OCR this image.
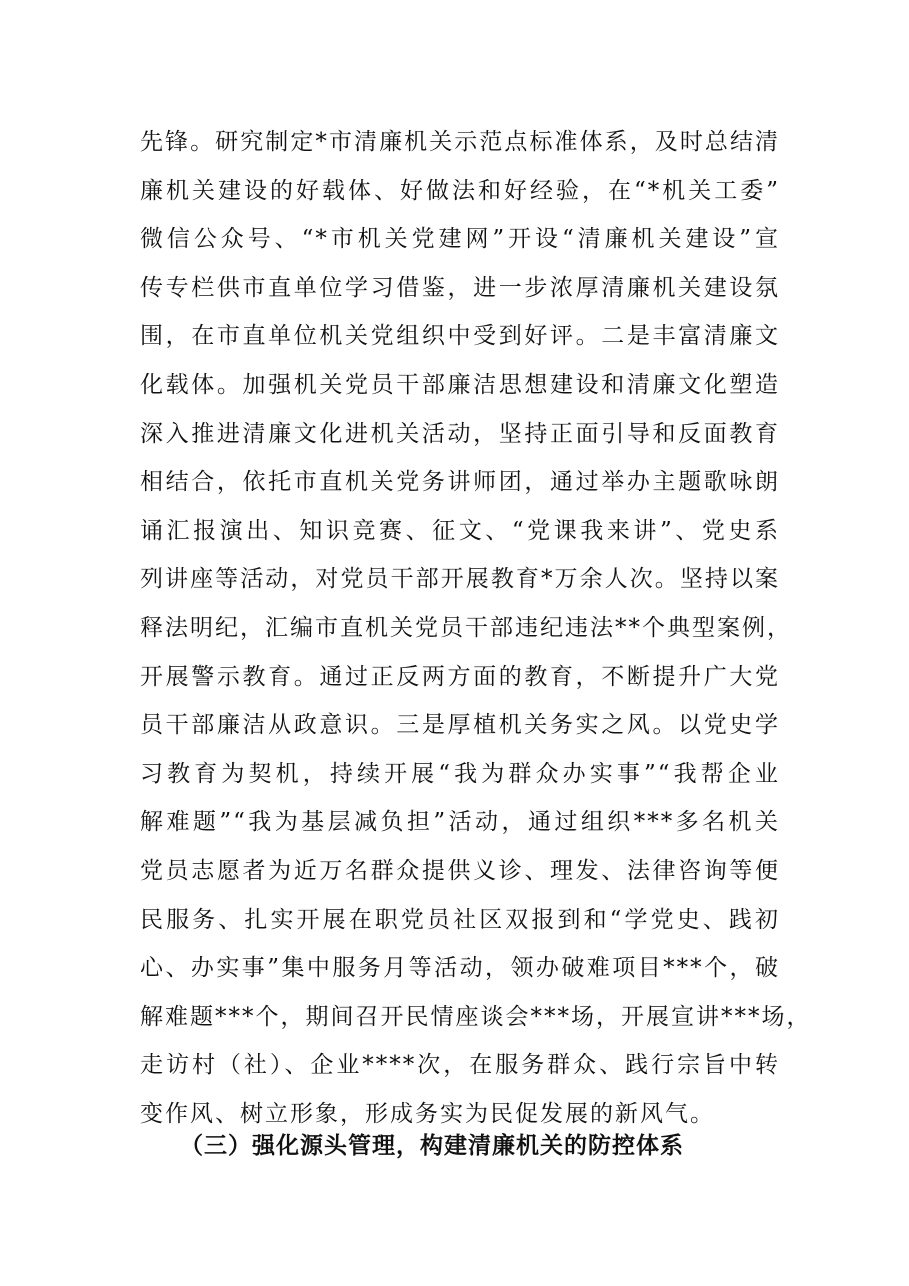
先锋。研究制定*市清廉机关示范点标准体系，及时总结清
廉机关建设的好载体、好做法和好经验，在“*机关工委”
微信公众号、“*市机关党建网”开设“清廉机关建设”宣
传专栏供市直单位学习借鉴，进一步浓厚清廉机关建设氛
围，在市直单位机关党组织中受到好评。二是丰富清廉文
化载体。加强机关党员干部廉洁思想建设和清廉文化塑造
深入推进清廉文化进机关活动，坚持正面引导和反面教育
相结合，依托市直机关党务讲师团，通过举办主题歌咏朗
诵汇报演出、知识竞赛、征文、“党课我来讲”、党史系
列讲座等活动，对党员干部开展教育*万余人次。坚持以案
释法明纪，汇编市直机关党员干部违纪违法**个典型案例，
开展警示教育。通过正反两方面的教育，不断提升广大党
员干部廉洁从政意识。三是厚植机关务实之风。以党史学
习教育为契机，持续开展“我为群众办实事”“我帮企业
解难题”“我为基层减负担”活动，通过组织***多名机关
党员志愿者为近万名群众提供义诊、理发、法律咨询等便
民服务、扎实开展在职党员社区双报到和“学党史、践初
心、办实事”集中服务月等活动，领办破难项目***个，破
解难题***个，期间召开民情座谈会***场，开展宣讲***场，
走访村（社）、企业****次，在服务群众、践行宗旨中转
变作风、树立形象，形成务实为民促发展的新风气。
（三）强化源头管理，构建清廉机关的防控体系
